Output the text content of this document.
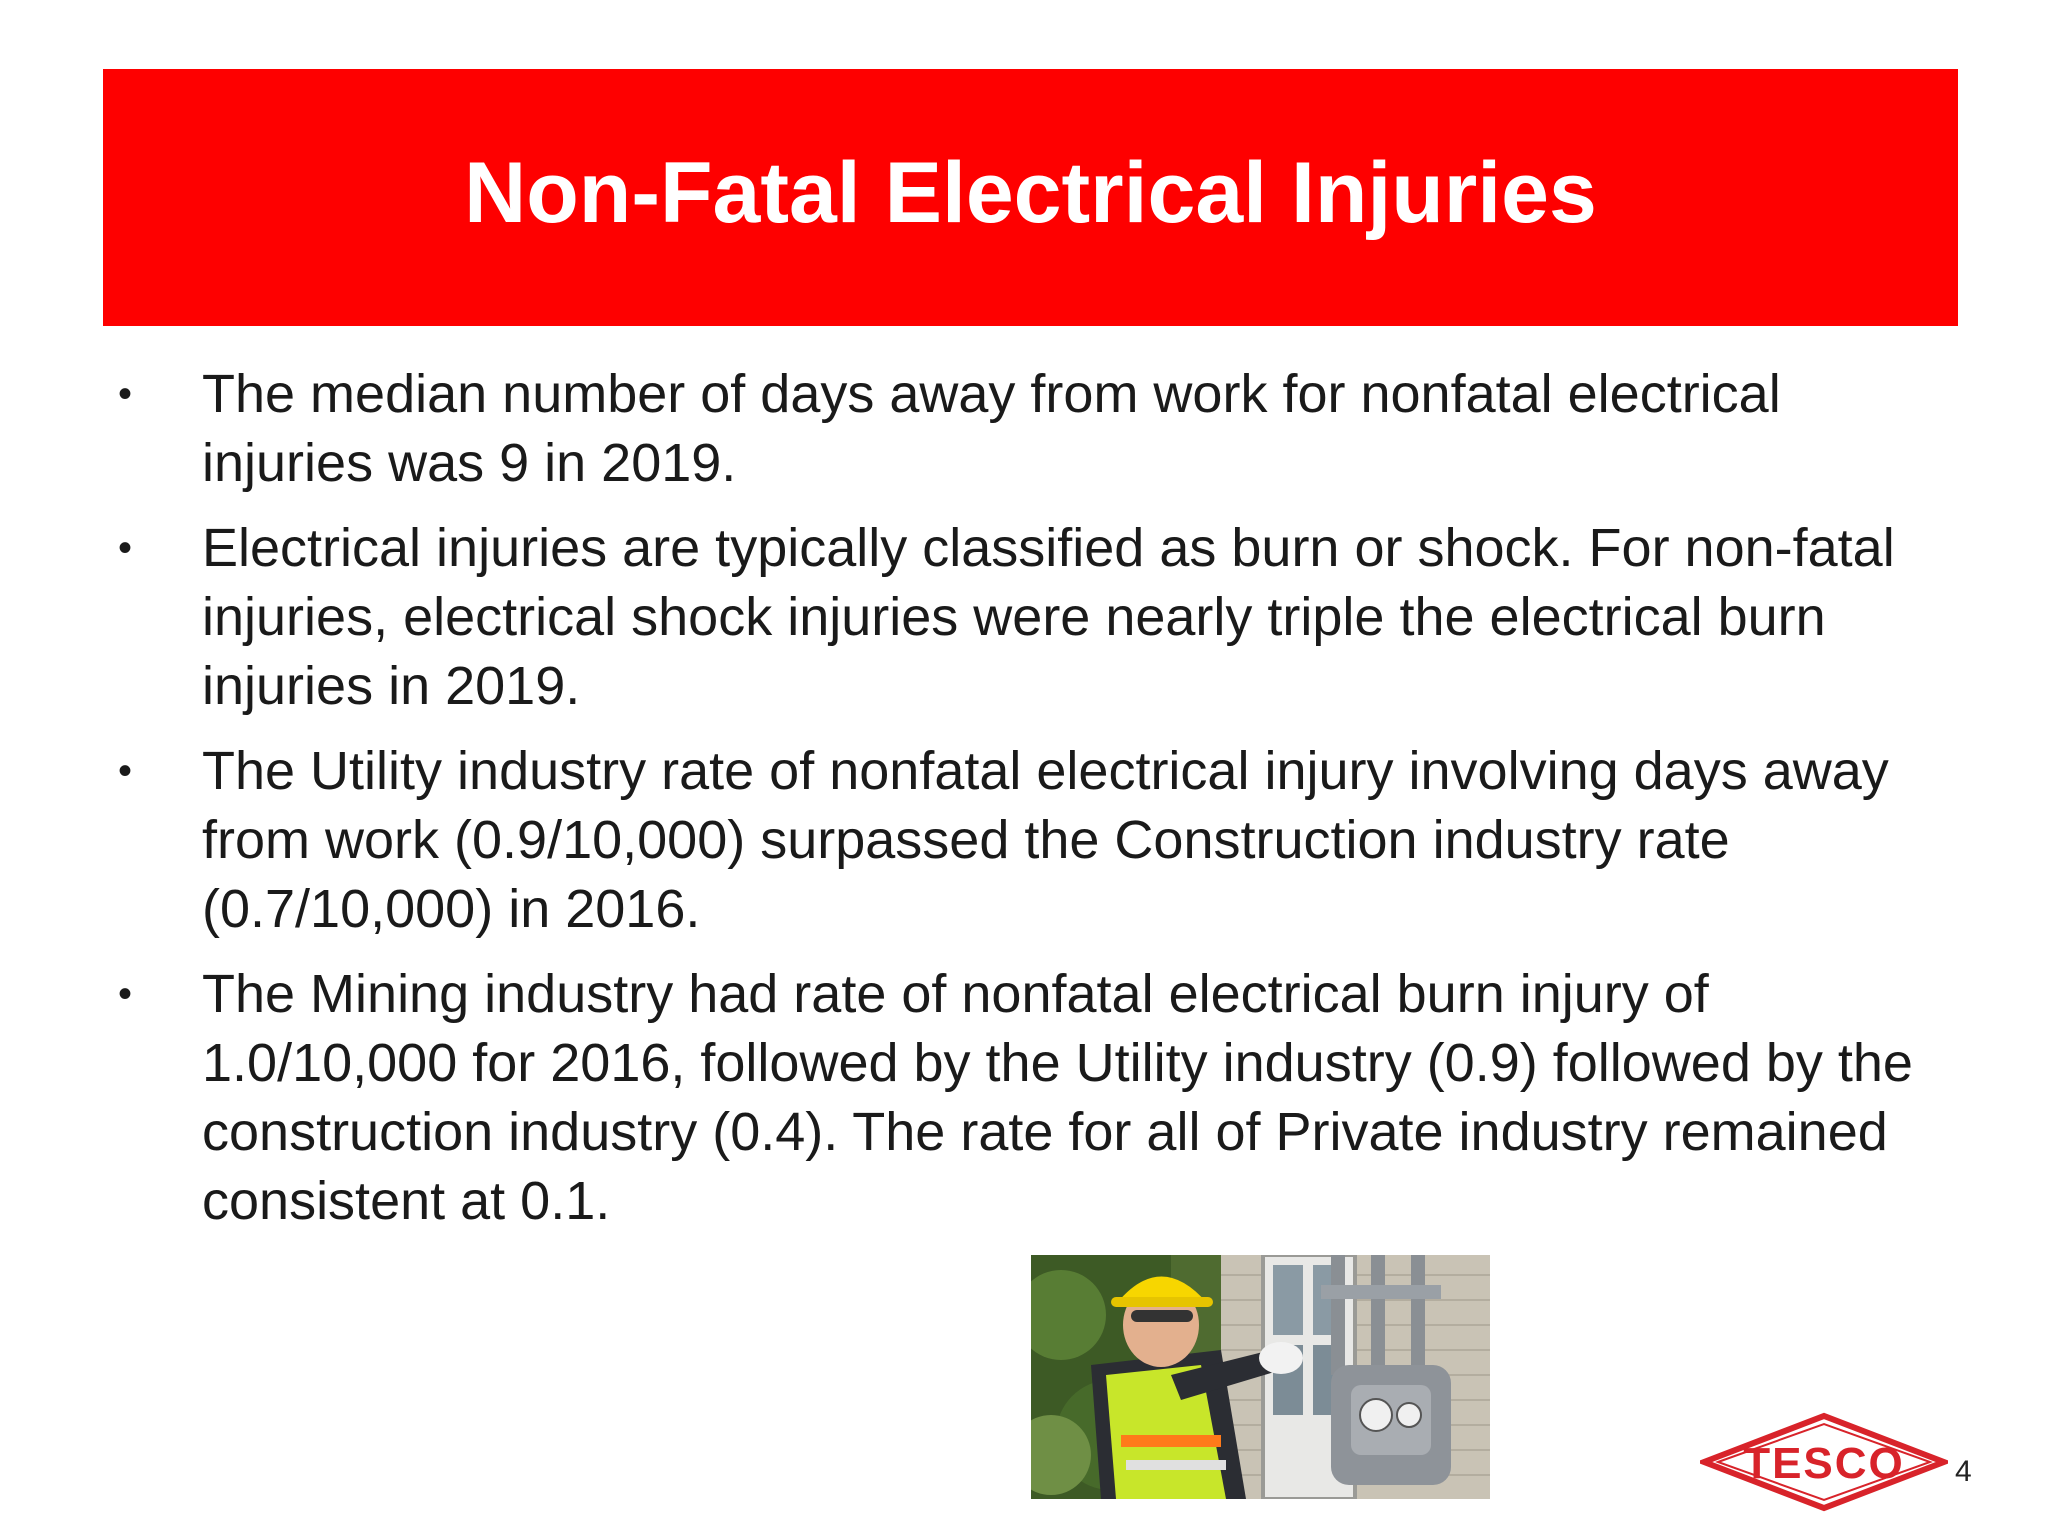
Non-Fatal Electrical Injuries
•	The median number of days away from work for nonfatal electrical injuries was 9 in 2019.
•	Electrical injuries are typically classified as burn or shock. For non-fatal injuries, electrical shock injuries were nearly triple the electrical burn injuries in 2019.
•	The Utility industry rate of nonfatal electrical injury involving days away from work (0.9/10,000) surpassed the Construction industry rate (0.7/10,000) in 2016.
•	The Mining industry had rate of nonfatal electrical burn injury of 1.0/10,000 for 2016, followed by the Utility industry (0.9) followed by the construction industry (0.4). The rate for all of Private industry remained consistent at 0.1.
TESCO 4
